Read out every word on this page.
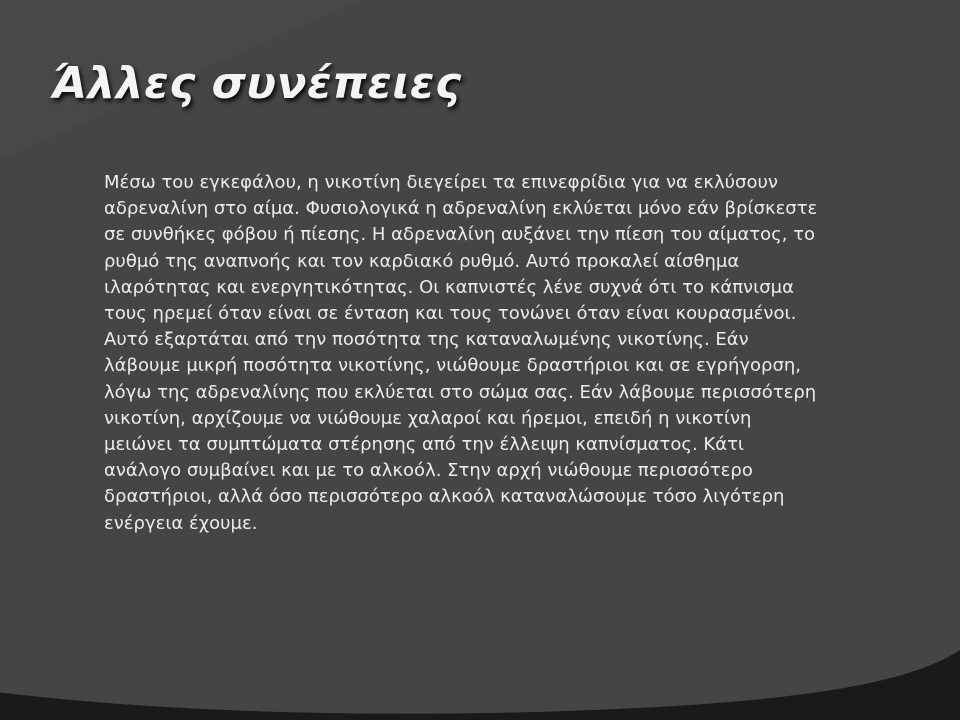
Άλλες συνέπειες

Μέσω του εγκεφάλου, η νικοτίνη διεγείρει τα επινεφρίδια για να εκλύσουν αδρεναλίνη στο αίμα. Φυσιολογικά η αδρεναλίνη εκλύεται μόνο εάν βρίσκεστε σε συνθήκες φόβου ή πίεσης. Η αδρεναλίνη αυξάνει την πίεση του αίματος, το ρυθμό της αναπνοής και τον καρδιακό ρυθμό. Αυτό προκαλεί αίσθημα ιλαρότητας και ενεργητικότητας. Οι καπνιστές λένε συχνά ότι το κάπνισμα τους ηρεμεί όταν είναι σε ένταση και τους τονώνει όταν είναι κουρασμένοι. Αυτό εξαρτάται από την ποσότητα της καταναλωμένης νικοτίνης. Εάν λάβουμε μικρή ποσότητα νικοτίνης, νιώθουμε δραστήριοι και σε εγρήγορση, λόγω της αδρεναλίνης που εκλύεται στο σώμα σας. Εάν λάβουμε περισσότερη νικοτίνη, αρχίζουμε να νιώθουμε χαλαροί και ήρεμοι, επειδή η νικοτίνη μειώνει τα συμπτώματα στέρησης από την έλλειψη καπνίσματος. Κάτι ανάλογο συμβαίνει και με το αλκοόλ. Στην αρχή νιώθουμε περισσότερο δραστήριοι, αλλά όσο περισσότερο αλκοόλ καταναλώσουμε τόσο λιγότερη ενέργεια έχουμε.
